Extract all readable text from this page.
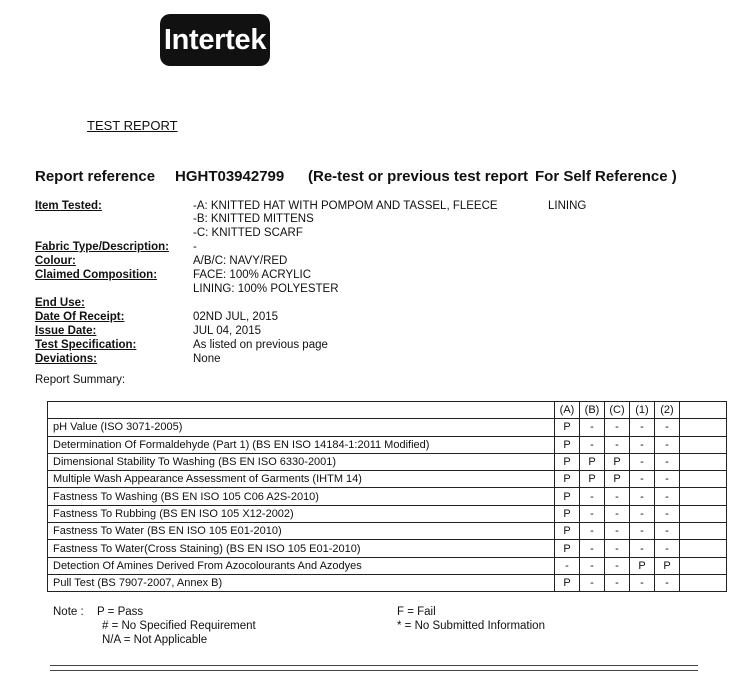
Intertek
TEST REPORT
Report reference HGHT03942799 (Re-test or previous test report For Self Reference )
Item Tested:	-A: KNITTED HAT WITH POMPOM AND TASSEL, FLEECE	LINING
-B: KNITTED MITTENS
-C: KNITTED SCARF
Fabric Type/Description: -
Colour:	A/B/C: NAVY/RED
Claimed Composition:	FACE: 100% ACRYLIC
LINING: 100% POLYESTER
End Use:
Date Of Receipt:	02ND JUL, 2015
Issue Date:	JUL 04, 2015
Test Specification:	As listed on previous page
Deviations:	None
Report Summary:
	(A)	(B)	(C)	(1)	(2)	
pH Value (ISO 3071-2005)	P	-	-	-	-	
Determination Of Formaldehyde (Part 1) (BS EN ISO 14184-1:2011 Modified)	P	-	-	-	-	
Dimensional Stability To Washing (BS EN ISO 6330-2001)	P	P	P	-	-	
Multiple Wash Appearance Assessment of Garments (IHTM 14)	P	P	P	-	-	
Fastness To Washing (BS EN ISO 105 C06 A2S-2010)	P	-	-	-	-	
Fastness To Rubbing (BS EN ISO 105 X12-2002)	P	-	-	-	-	
Fastness To Water (BS EN ISO 105 E01-2010)	P	-	-	-	-	
Fastness To Water(Cross Staining) (BS EN ISO 105 E01-2010)	P	-	-	-	-	
Detection Of Amines Derived From Azocolourants And Azodyes	-	-	-	P	P	
Pull Test (BS 7907-2007, Annex B)	P	-	-	-	-	
Note : P = Pass
# = No Specified Requirement
N/A = Not Applicable
F = Fail
* = No Submitted Information
